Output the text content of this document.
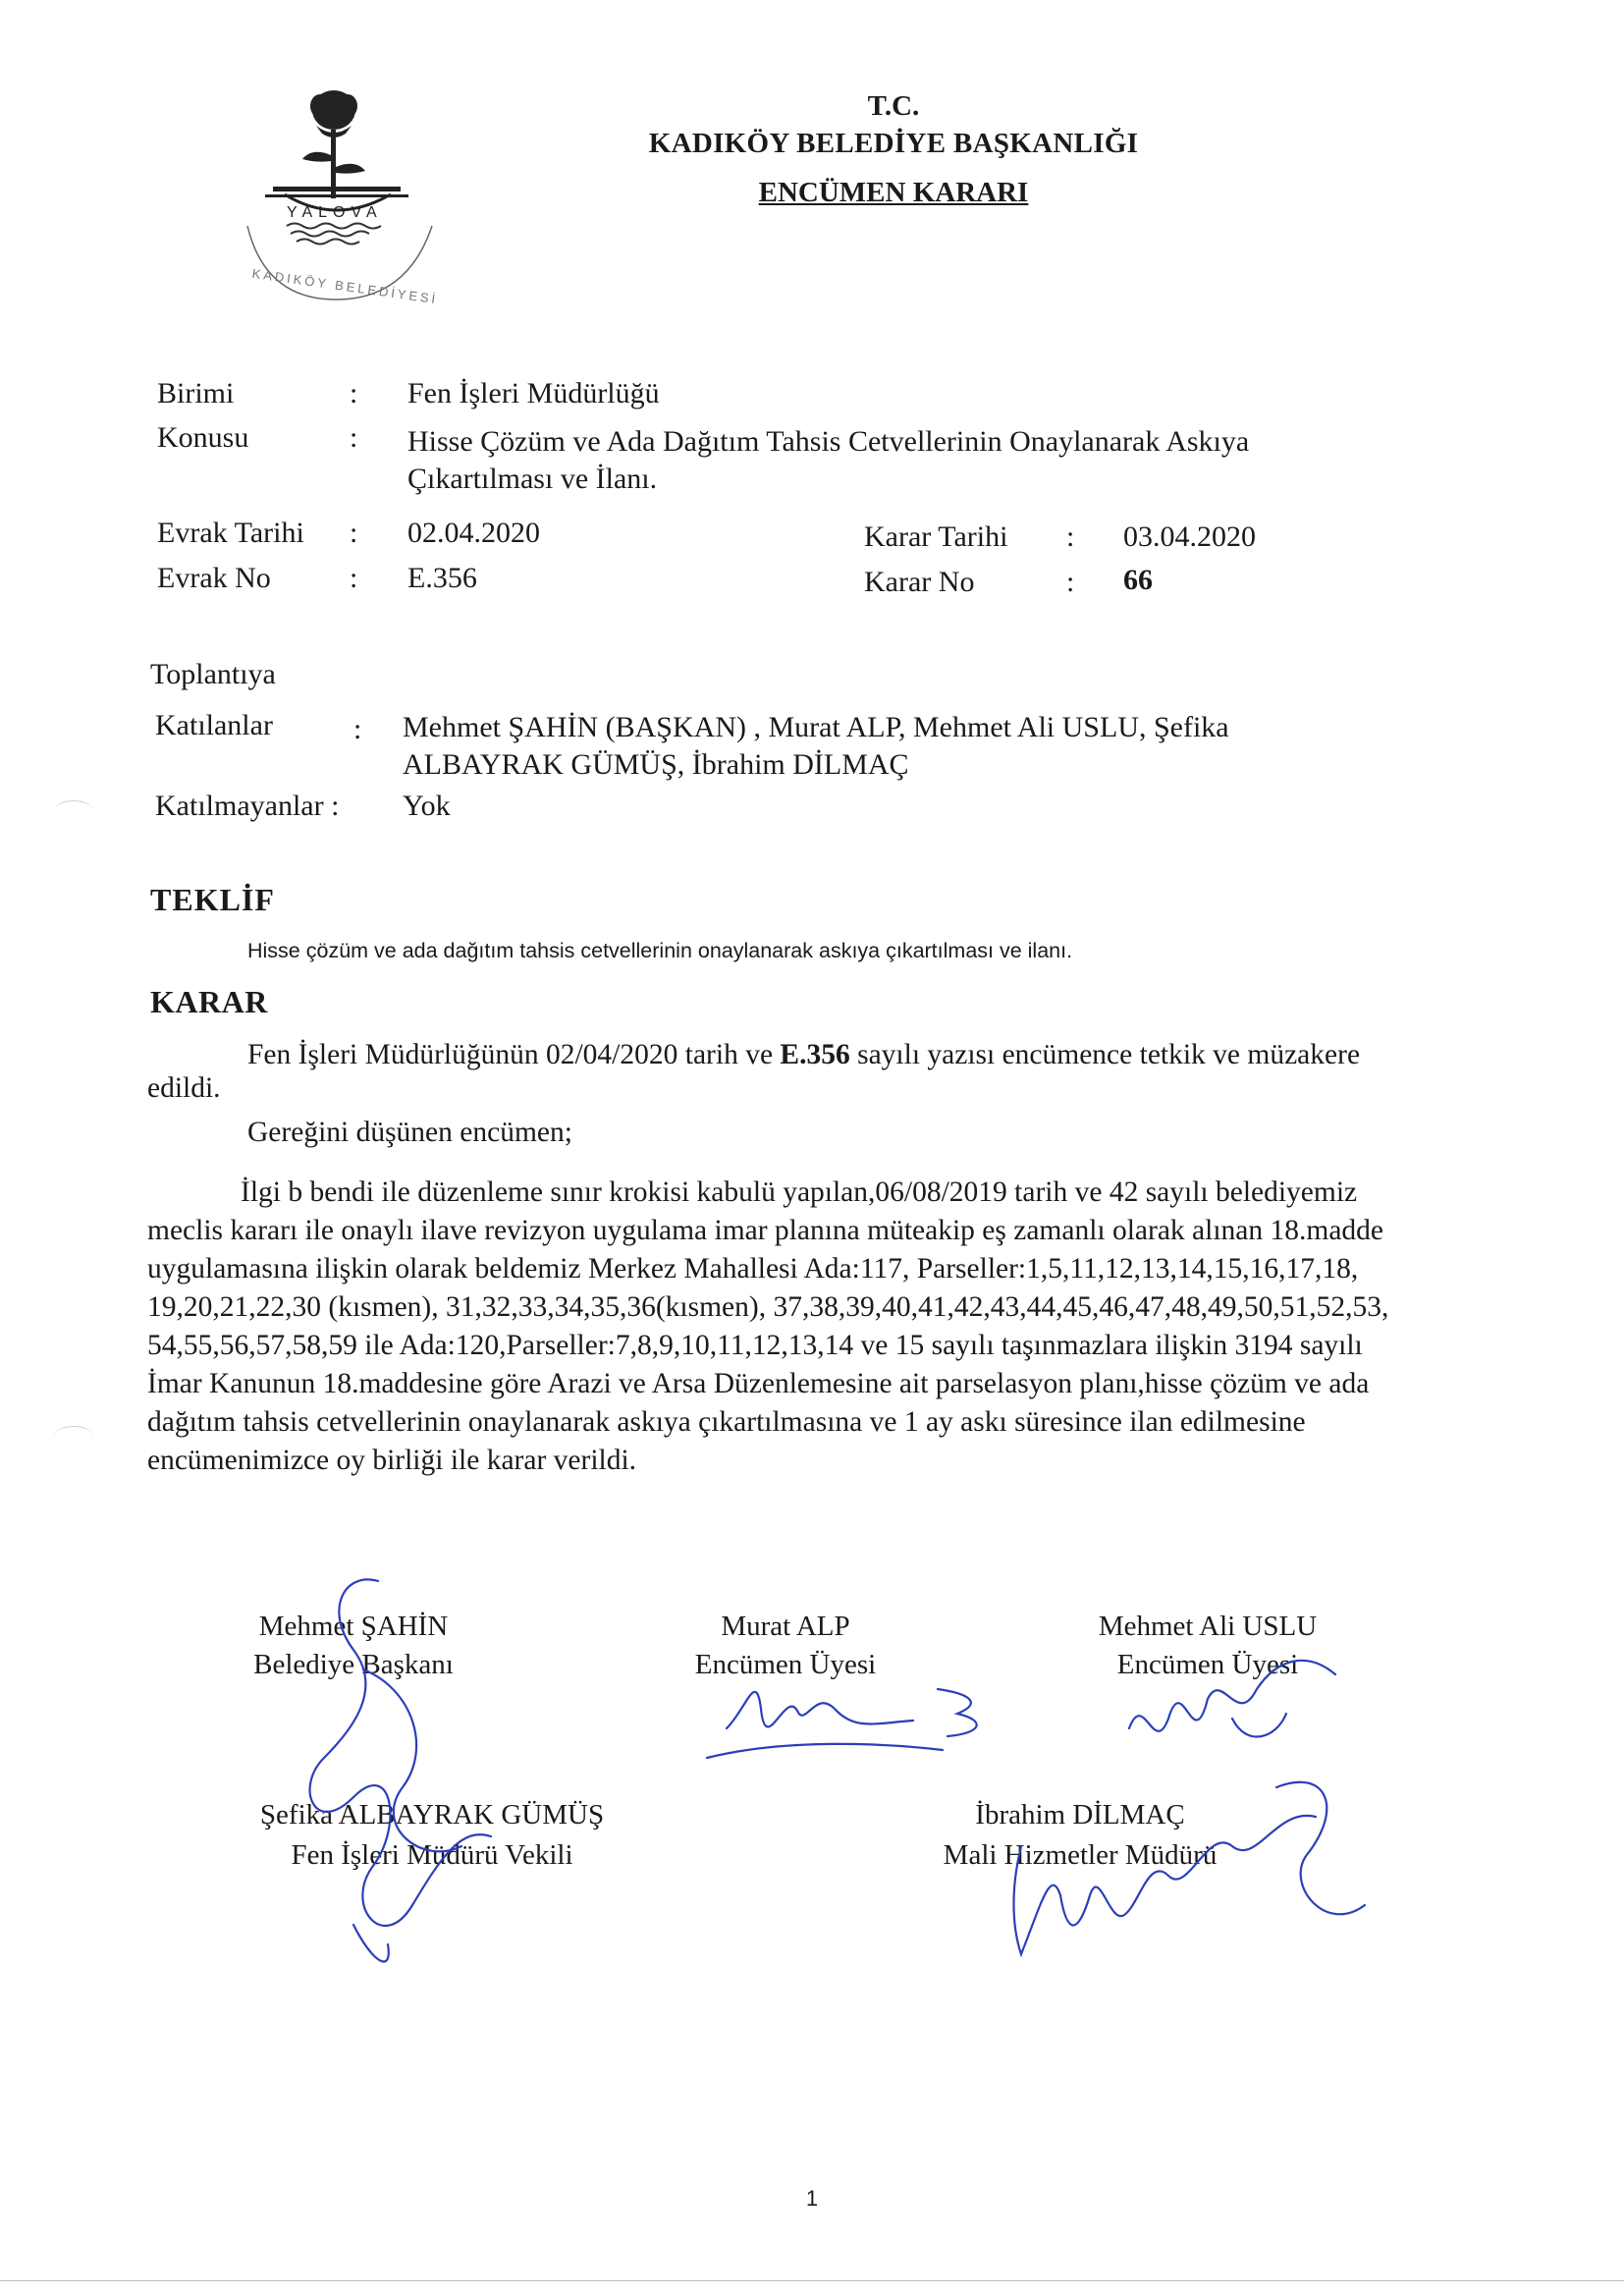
YALOVA
KADIKÖY BELEDİYESİ
T.C.
KADIKÖY BELEDİYE BAŞKANLIĞI
ENCÜMEN KARARI
Birimi	: Fen İşleri Müdürlüğü
Konusu	: Hisse Çözüm ve Ada Dağıtım Tahsis Cetvellerinin Onaylanarak Askıya
Çıkartılması ve İlanı.
Evrak Tarihi : 02.04.2020
Evrak No	: E.356
Karar Tarihi : 03.04.2020
Karar No	: 66
Toplantıya
Katılanlar	: Mehmet ŞAHİN (BAŞKAN) , Murat ALP, Mehmet Ali USLU, Şefika
ALBAYRAK GÜMÜŞ, İbrahim DİLMAÇ
Katılmayanlar : Yok
TEKLİF
Hisse çözüm ve ada dağıtım tahsis cetvellerinin onaylanarak askıya çıkartılması ve ilanı.
KARAR
Fen İşleri Müdürlüğünün 02/04/2020 tarih ve E.356 sayılı yazısı encümence tetkik ve müzakere
edildi.
Gereğini düşünen encümen;
İlgi b bendi ile düzenleme sınır krokisi kabulü yapılan,06/08/2019 tarih ve 42 sayılı belediyemiz
meclis kararı ile onaylı ilave revizyon uygulama imar planına müteakip eş zamanlı olarak alınan 18.madde
uygulamasına ilişkin olarak beldemiz Merkez Mahallesi Ada:117, Parseller:1,5,11,12,13,14,15,16,17,18,
19,20,21,22,30 (kısmen), 31,32,33,34,35,36(kısmen), 37,38,39,40,41,42,43,44,45,46,47,48,49,50,51,52,53,
54,55,56,57,58,59 ile Ada:120,Parseller:7,8,9,10,11,12,13,14 ve 15 sayılı taşınmazlara ilişkin 3194 sayılı
İmar Kanunun 18.maddesine göre Arazi ve Arsa Düzenlemesine ait parselasyon planı,hisse çözüm ve ada
dağıtım tahsis cetvellerinin onaylanarak askıya çıkartılmasına ve 1 ay askı süresince ilan edilmesine
encümenimizce oy birliği ile karar verildi.
Mehmet ŞAHİN
Belediye Başkanı
Murat ALP
Encümen Üyesi
Mehmet Ali USLU
Encümen Üyesi
Şefika ALBAYRAK GÜMÜŞ
Fen İşleri Müdürü Vekili
İbrahim DİLMAÇ
Mali Hizmetler Müdürü
1
